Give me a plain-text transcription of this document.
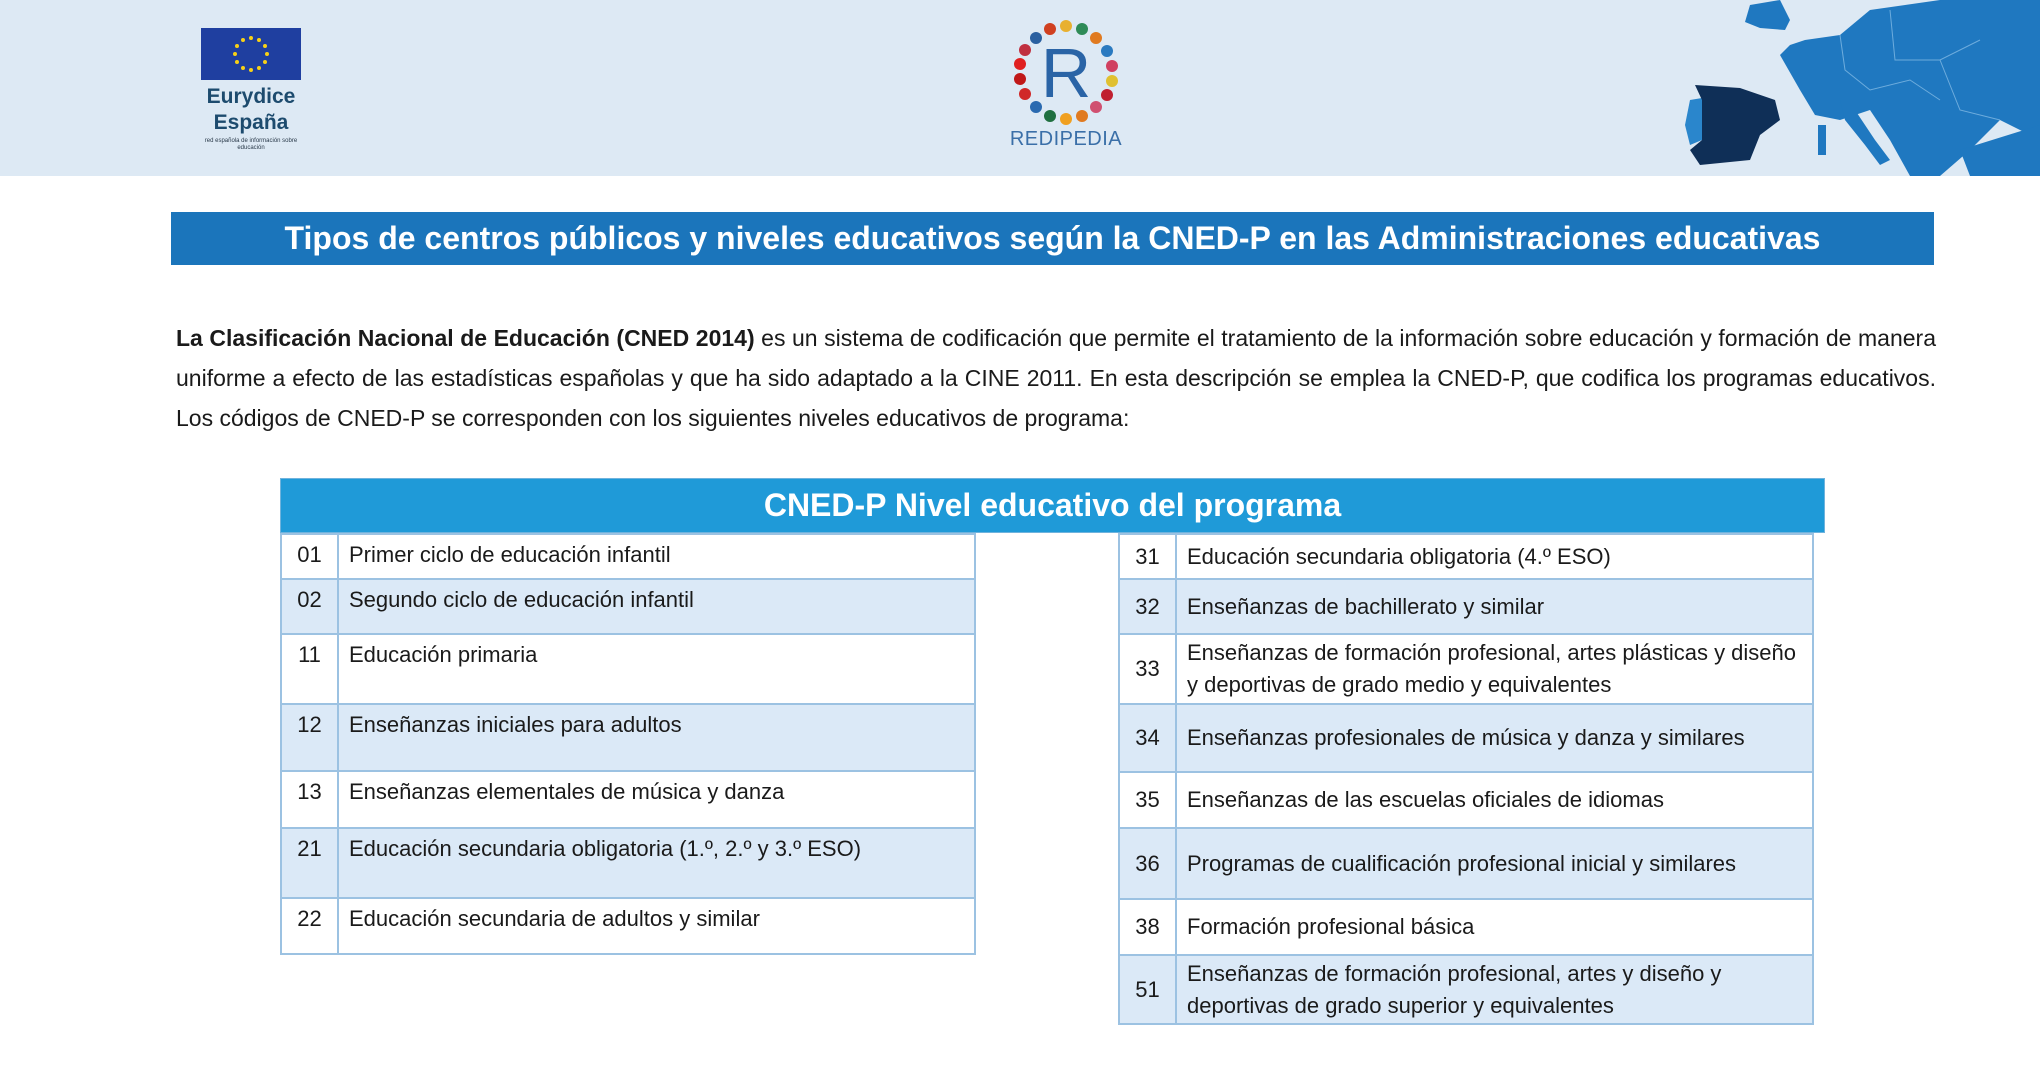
Eurydice
España
red española de información sobre educación
R
REDIPEDIA
Tipos de centros públicos y niveles educativos según la CNED-P en las Administraciones educativas
La Clasificación Nacional de Educación (CNED 2014) es un sistema de codificación que permite el tratamiento de la información sobre educación y formación de manera uniforme a efecto de las estadísticas españolas y que ha sido adaptado a la CINE 2011. En esta descripción se emplea la CNED-P, que codifica los programas educativos. Los códigos de CNED-P se corresponden con los siguientes niveles educativos de programa:
CNED-P Nivel educativo del programa
01	Primer ciclo de educación infantil
02	Segundo ciclo de educación infantil
11	Educación primaria
12	Enseñanzas iniciales para adultos
13	Enseñanzas elementales de música y danza
21	Educación secundaria obligatoria (1.º, 2.º y 3.º ESO)
22	Educación secundaria de adultos y similar
31	Educación secundaria obligatoria (4.º ESO)
32	Enseñanzas de bachillerato y similar
33	Enseñanzas de formación profesional, artes plásticas y diseño y deportivas de grado medio y equivalentes
34	Enseñanzas profesionales de música y danza y similares
35	Enseñanzas de las escuelas oficiales de idiomas
36	Programas de cualificación profesional inicial y similares
38	Formación profesional básica
51	Enseñanzas de formación profesional, artes y diseño y deportivas de grado superior y equivalentes
